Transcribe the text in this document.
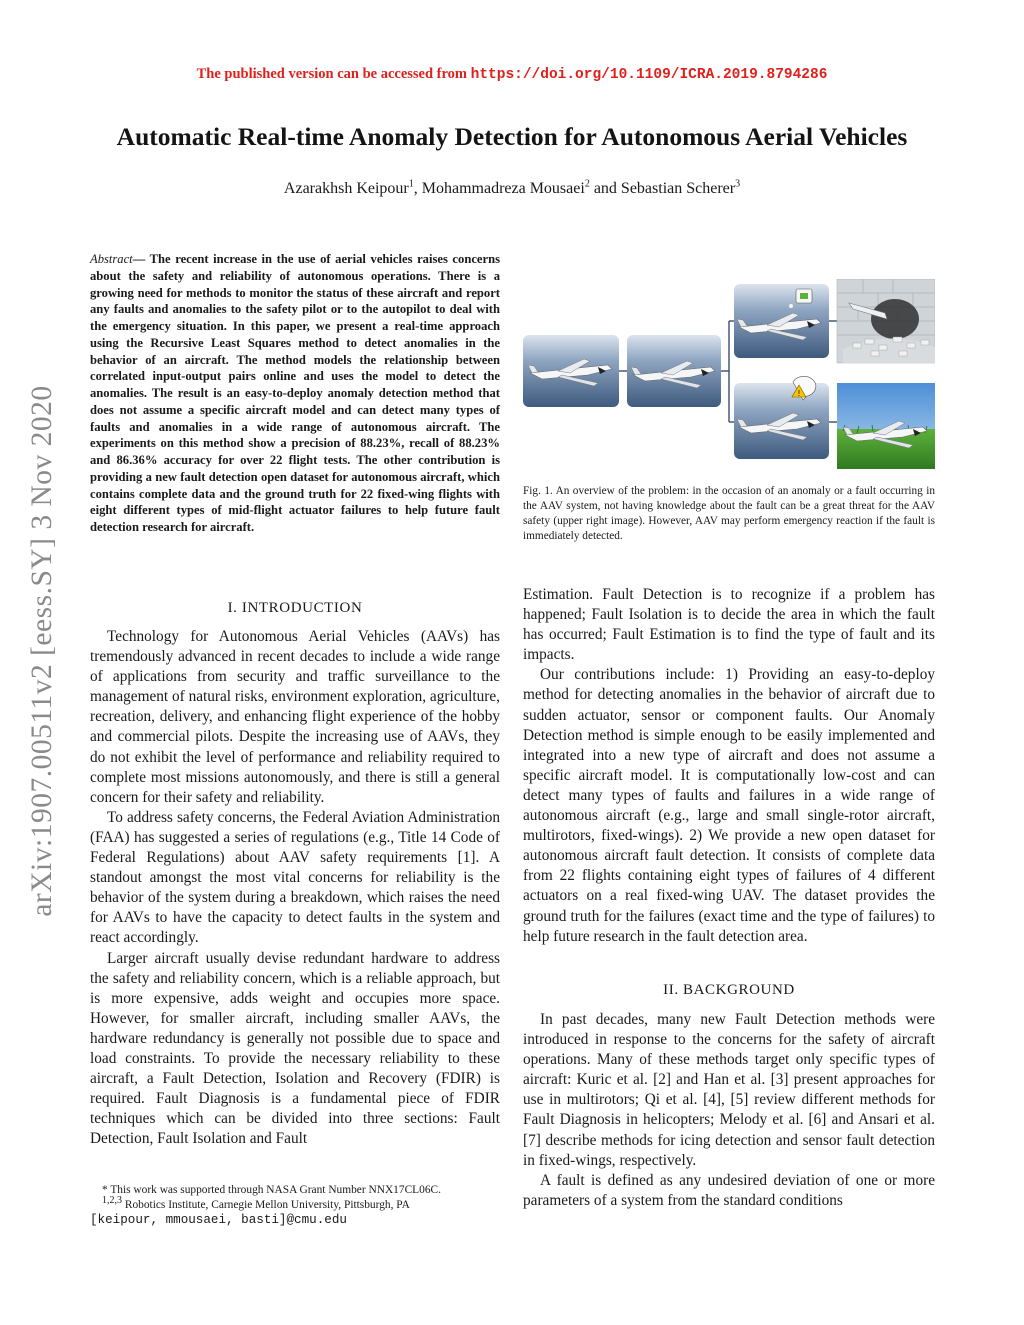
The published version can be accessed from https://doi.org/10.1109/ICRA.2019.8794286
Automatic Real-time Anomaly Detection for Autonomous Aerial Vehicles
Azarakhsh Keipour$^1$, Mohammadreza Mousaei$^2$ and Sebastian Scherer$^3$
arXiv:1907.00511v2 [eess.SY] 3 Nov 2020
Abstract— The recent increase in the use of aerial vehicles raises concerns about the safety and reliability of autonomous operations. There is a growing need for methods to monitor the status of these aircraft and report any faults and anomalies to the safety pilot or to the autopilot to deal with the emergency situation. In this paper, we present a real-time approach using the Recursive Least Squares method to detect anomalies in the behavior of an aircraft. The method models the relationship between correlated input-output pairs online and uses the model to detect the anomalies. The result is an easy-to-deploy anomaly detection method that does not assume a specific aircraft model and can detect many types of faults and anomalies in a wide range of autonomous aircraft. The experiments on this method show a precision of 88.23%, recall of 88.23% and 86.36% accuracy for over 22 flight tests. The other contribution is providing a new fault detection open dataset for autonomous aircraft, which contains complete data and the ground truth for 22 fixed-wing flights with eight different types of mid-flight actuator failures to help future fault detection research for aircraft.
I. INTRODUCTION

Technology for Autonomous Aerial Vehicles (AAVs) has tremendously advanced in recent decades to include a wide range of applications from security and traffic surveillance to the management of natural risks, environment exploration, agriculture, recreation, delivery, and enhancing flight experience of the hobby and commercial pilots. Despite the increasing use of AAVs, they do not exhibit the level of performance and reliability required to complete most missions autonomously, and there is still a general concern for their safety and reliability.

To address safety concerns, the Federal Aviation Administration (FAA) has suggested a series of regulations (e.g., Title 14 Code of Federal Regulations) about AAV safety requirements [1]. A standout amongst the most vital concerns for reliability is the behavior of the system during a breakdown, which raises the need for AAVs to have the capacity to detect faults in the system and react accordingly.

Larger aircraft usually devise redundant hardware to address the safety and reliability concern, which is a reliable approach, but is more expensive, adds weight and occupies more space. However, for smaller aircraft, including smaller AAVs, the hardware redundancy is generally not possible due to space and load constraints. To provide the necessary reliability to these aircraft, a Fault Detection, Isolation and Recovery (FDIR) is required. Fault Diagnosis is a fundamental piece of FDIR techniques which can be divided into three sections: Fault Detection, Fault Isolation and Fault

* This work was supported through NASA Grant Number NNX17CL06C.
$^{1,2,3}$ Robotics Institute, Carnegie Mellon University, Pittsburgh, PA
[keipour, mmousaei, basti]@cmu.edu
!
Fig. 1. An overview of the problem: in the occasion of an anomaly or a fault occurring in the AAV system, not having knowledge about the fault can be a great threat for the AAV safety (upper right image). However, AAV may perform emergency reaction if the fault is immediately detected.

Estimation. Fault Detection is to recognize if a problem has happened; Fault Isolation is to decide the area in which the fault has occurred; Fault Estimation is to find the type of fault and its impacts.

Our contributions include: 1) Providing an easy-to-deploy method for detecting anomalies in the behavior of aircraft due to sudden actuator, sensor or component faults. Our Anomaly Detection method is simple enough to be easily implemented and integrated into a new type of aircraft and does not assume a specific aircraft model. It is computationally low-cost and can detect many types of faults and failures in a wide range of autonomous aircraft (e.g., large and small single-rotor aircraft, multirotors, fixed-wings). 2) We provide a new open dataset for autonomous aircraft fault detection. It consists of complete data from 22 flights containing eight types of failures of 4 different actuators on a real fixed-wing UAV. The dataset provides the ground truth for the failures (exact time and the type of failures) to help future research in the fault detection area.

II. BACKGROUND

In past decades, many new Fault Detection methods were introduced in response to the concerns for the safety of aircraft operations. Many of these methods target only specific types of aircraft: Kuric et al. [2] and Han et al. [3] present approaches for use in multirotors; Qi et al. [4], [5] review different methods for Fault Diagnosis in helicopters; Melody et al. [6] and Ansari et al. [7] describe methods for icing detection and sensor fault detection in fixed-wings, respectively.

A fault is defined as any undesired deviation of one or more parameters of a system from the standard conditions
